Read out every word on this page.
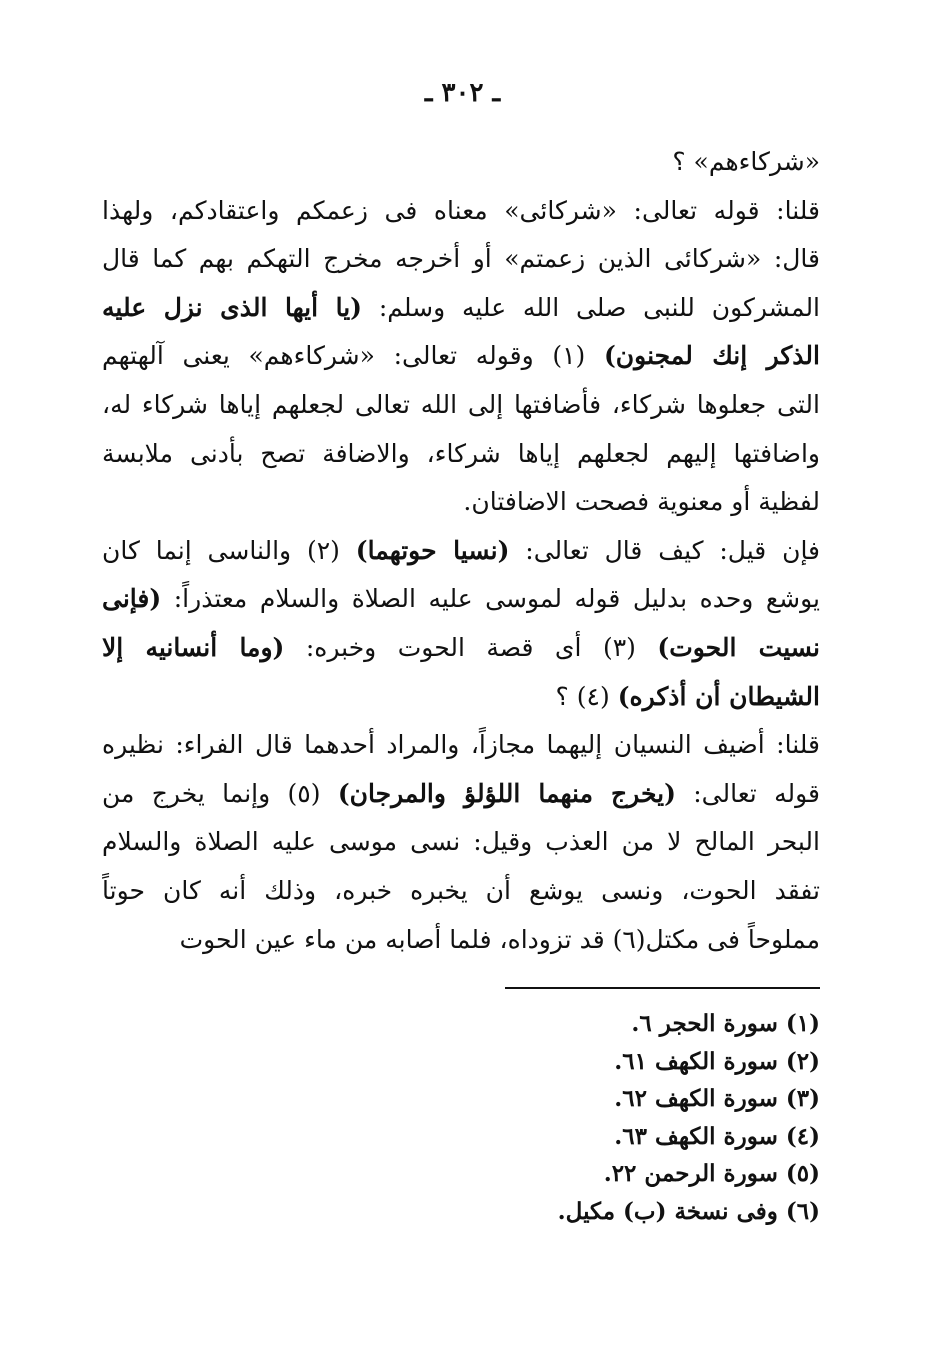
ـ ٣٠٢ ـ
«شركاءهم» ؟
قلنا: قوله تعالى: «شركائى» معناه فى زعمكم واعتقادكم، ولهذا
قال: «شركائى الذين زعمتم» أو أخرجه مخرج التهكم بهم كما قال
المشركون للنبى صلى الله عليه وسلم: (يا أيها الذى نزل عليه
الذكر إنك لمجنون) (١) وقوله تعالى: «شركاءهم» يعنى آلهتهم
التى جعلوها شركاء، فأضافتها إلى الله تعالى لجعلهم إياها شركاء له،
واضافتها إليهم لجعلهم إياها شركاء، والاضافة تصح بأدنى ملابسة
لفظية أو معنوية فصحت الاضافتان.
فإن قيل: كيف قال تعالى: (نسيا حوتهما) (٢) والناسى إنما كان
يوشع وحده بدليل قوله لموسى عليه الصلاة والسلام معتذراً: (فإنى
نسيت الحوت) (٣) أى قصة الحوت وخبره: (وما أنسانيه إلا
الشيطان أن أذكره) (٤) ؟
قلنا: أضيف النسيان إليهما مجازاً، والمراد أحدهما قال الفراء: نظيره
قوله تعالى: (يخرج منهما اللؤلؤ والمرجان) (٥) وإنما يخرج من
البحر المالح لا من العذب وقيل: نسى موسى عليه الصلاة والسلام
تفقد الحوت، ونسى يوشع أن يخبره خبره، وذلك أنه كان حوتاً
مملوحاً فى مكتل(٦) قد تزوداه، فلما أصابه من ماء عين الحوت
(١) سورة الحجر ٦.
(٢) سورة الكهف ٦١.
(٣) سورة الكهف ٦٢.
(٤) سورة الكهف ٦٣.
(٥) سورة الرحمن ٢٢.
(٦) وفى نسخة (ب) مكيل.
